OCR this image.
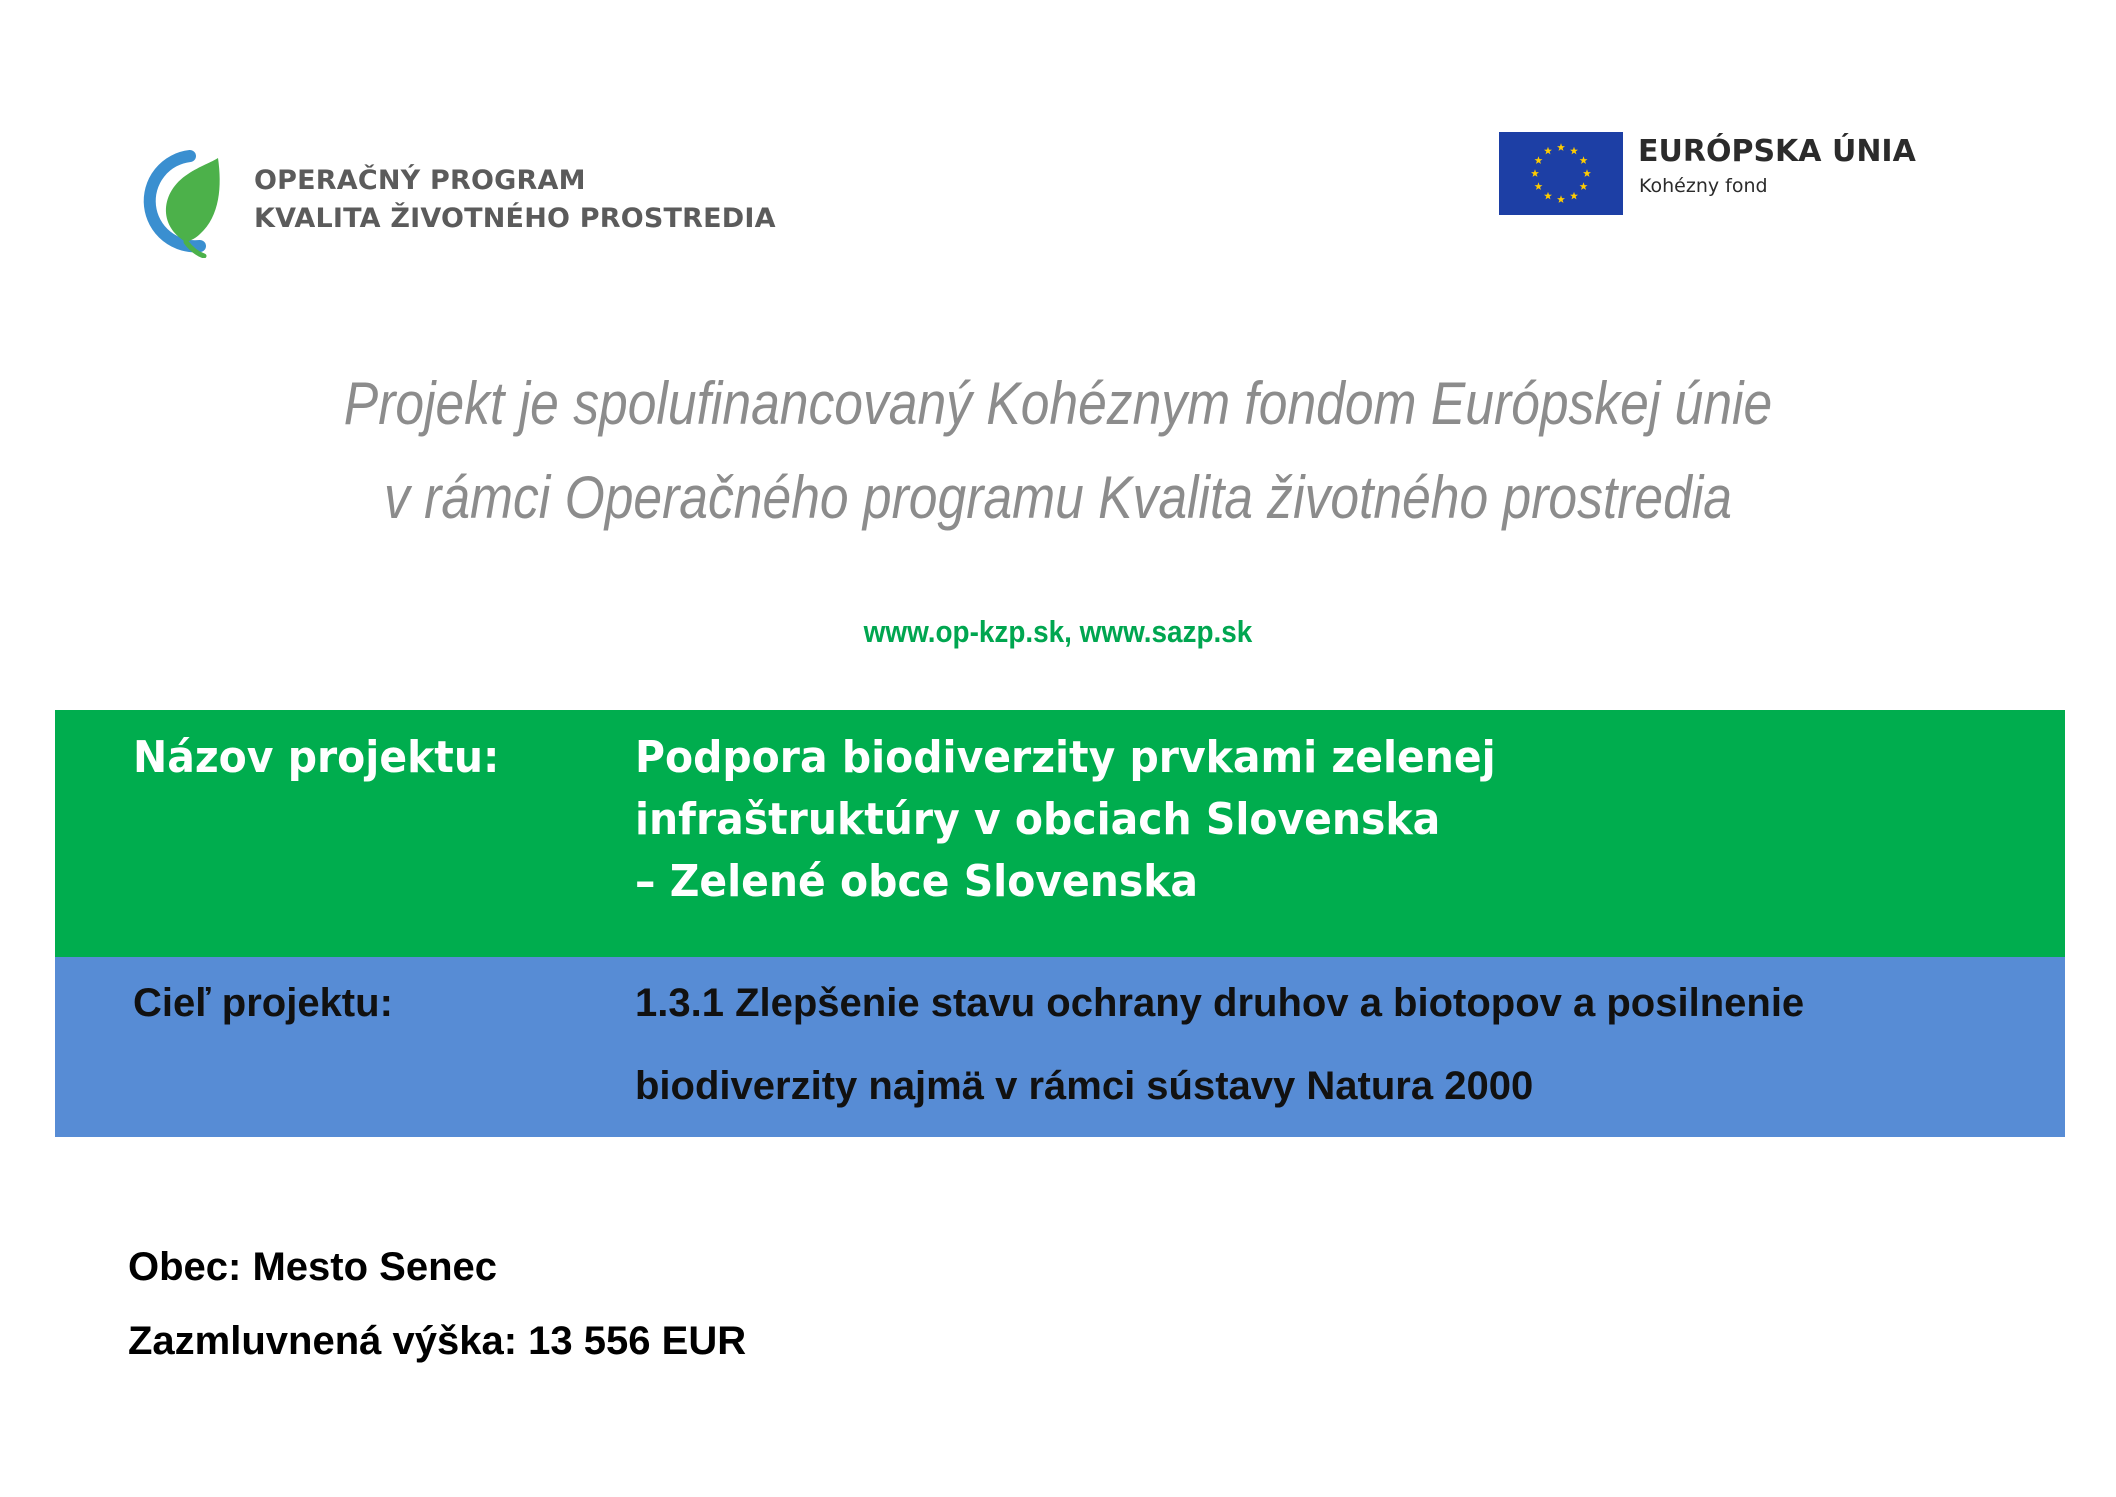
OPERAČNÝ PROGRAM
KVALITA ŽIVOTNÉHO PROSTREDIA
EURÓPSKA ÚNIA
Kohézny fond
Projekt je spolufinancovaný Kohéznym fondom Európskej únie
v rámci Operačného programu Kvalita životného prostredia
www.op-kzp.sk, www.sazp.sk
Názov projektu:	Podpora biodiverzity prvkami zelenej
infraštruktúry v obciach Slovenska
– Zelené obce Slovenska
Cieľ projektu:	1.3.1 Zlepšenie stavu ochrany druhov a biotopov a posilnenie
biodiverzity najmä v rámci sústavy Natura 2000
Obec: Mesto Senec
Zazmluvnená výška: 13 556 EUR
